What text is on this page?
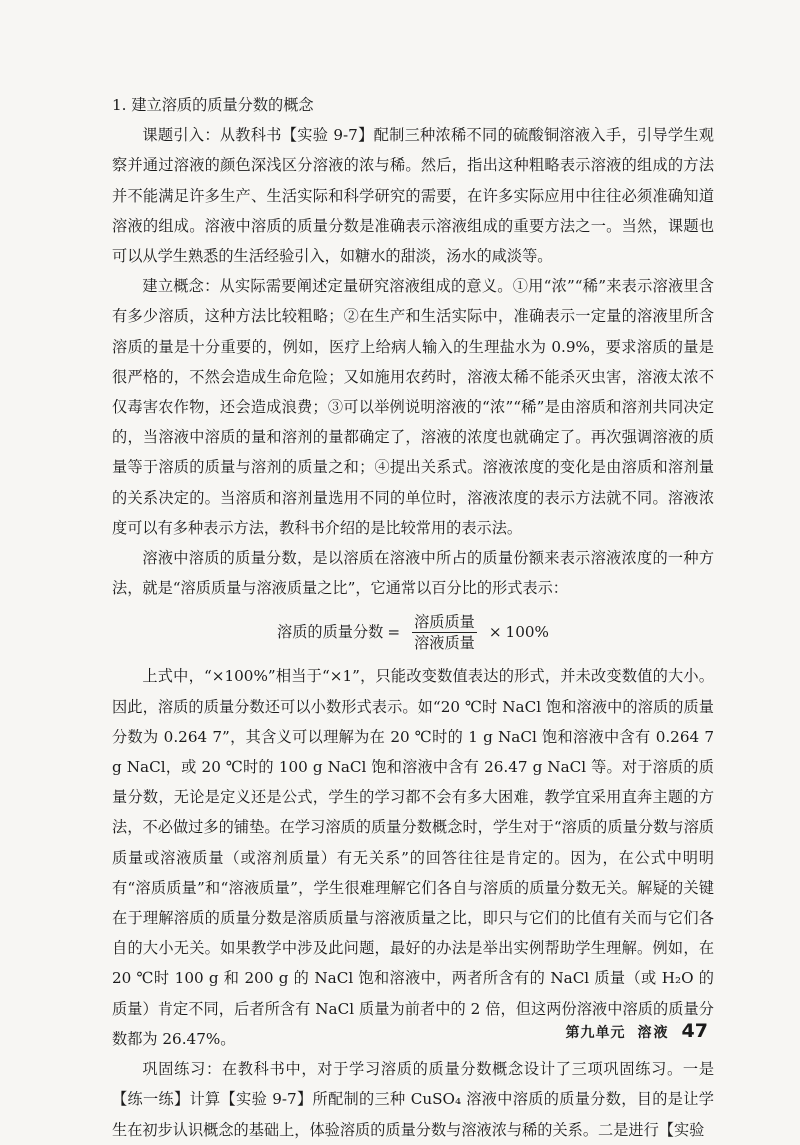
1. 建立溶质的质量分数的概念

课题引入：从教科书【实验 9-7】配制三种浓稀不同的硫酸铜溶液入手，引导学生观察并通过溶液的颜色深浅区分溶液的浓与稀。然后，指出这种粗略表示溶液的组成的方法并不能满足许多生产、生活实际和科学研究的需要，在许多实际应用中往往必须准确知道溶液的组成。溶液中溶质的质量分数是准确表示溶液组成的重要方法之一。当然，课题也可以从学生熟悉的生活经验引入，如糖水的甜淡，汤水的咸淡等。

建立概念：从实际需要阐述定量研究溶液组成的意义。①用“浓”“稀”来表示溶液里含有多少溶质，这种方法比较粗略；②在生产和生活实际中，准确表示一定量的溶液里所含溶质的量是十分重要的，例如，医疗上给病人输入的生理盐水为 0.9%，要求溶质的量是很严格的，不然会造成生命危险；又如施用农药时，溶液太稀不能杀灭虫害，溶液太浓不仅毒害农作物，还会造成浪费；③可以举例说明溶液的“浓”“稀”是由溶质和溶剂共同决定的，当溶液中溶质的量和溶剂的量都确定了，溶液的浓度也就确定了。再次强调溶液的质量等于溶质的质量与溶剂的质量之和；④提出关系式。溶液浓度的变化是由溶质和溶剂量的关系决定的。当溶质和溶剂量选用不同的单位时，溶液浓度的表示方法就不同。溶液浓度可以有多种表示方法，教科书介绍的是比较常用的表示法。

溶液中溶质的质量分数，是以溶质在溶液中所占的质量份额来表示溶液浓度的一种方法，就是“溶质质量与溶液质量之比”，它通常以百分比的形式表示：

溶质的质量分数 = $\frac{\text{溶质质量}}{\text{溶液质量}} \times 100\%$

上式中，“×100%”相当于“×1”，只能改变数值表达的形式，并未改变数值的大小。因此，溶质的质量分数还可以小数形式表示。如“20 ℃时 NaCl 饱和溶液中的溶质的质量分数为 0.264 7”，其含义可以理解为在 20 ℃时的 1 g NaCl 饱和溶液中含有 0.264 7 g NaCl，或 20 ℃时的 100 g NaCl 饱和溶液中含有 26.47 g NaCl 等。对于溶质的质量分数，无论是定义还是公式，学生的学习都不会有多大困难，教学宜采用直奔主题的方法，不必做过多的铺垫。在学习溶质的质量分数概念时，学生对于“溶质的质量分数与溶质质量或溶液质量（或溶剂质量）有无关系”的回答往往是肯定的。因为，在公式中明明有“溶质质量”和“溶液质量”，学生很难理解它们各自与溶质的质量分数无关。解疑的关键在于理解溶质的质量分数是溶质质量与溶液质量之比，即只与它们的比值有关而与它们各自的大小无关。如果教学中涉及此问题，最好的办法是举出实例帮助学生理解。例如，在 20 ℃时 100 g 和 200 g 的 NaCl 饱和溶液中，两者所含有的 NaCl 质量（或 H₂O 的质量）肯定不同，后者所含有 NaCl 质量为前者中的 2 倍，但这两份溶液中溶质的质量分数都为 26.47%。

巩固练习：在教科书中，对于学习溶质的质量分数概念设计了三项巩固练习。一是【练一练】计算【实验 9-7】所配制的三种 CuSO₄ 溶液中溶质的质量分数，目的是让学生在初步认识概念的基础上，体验溶质的质量分数与溶液浓与稀的关系。二是进行【实验

第九单元 溶液 47
